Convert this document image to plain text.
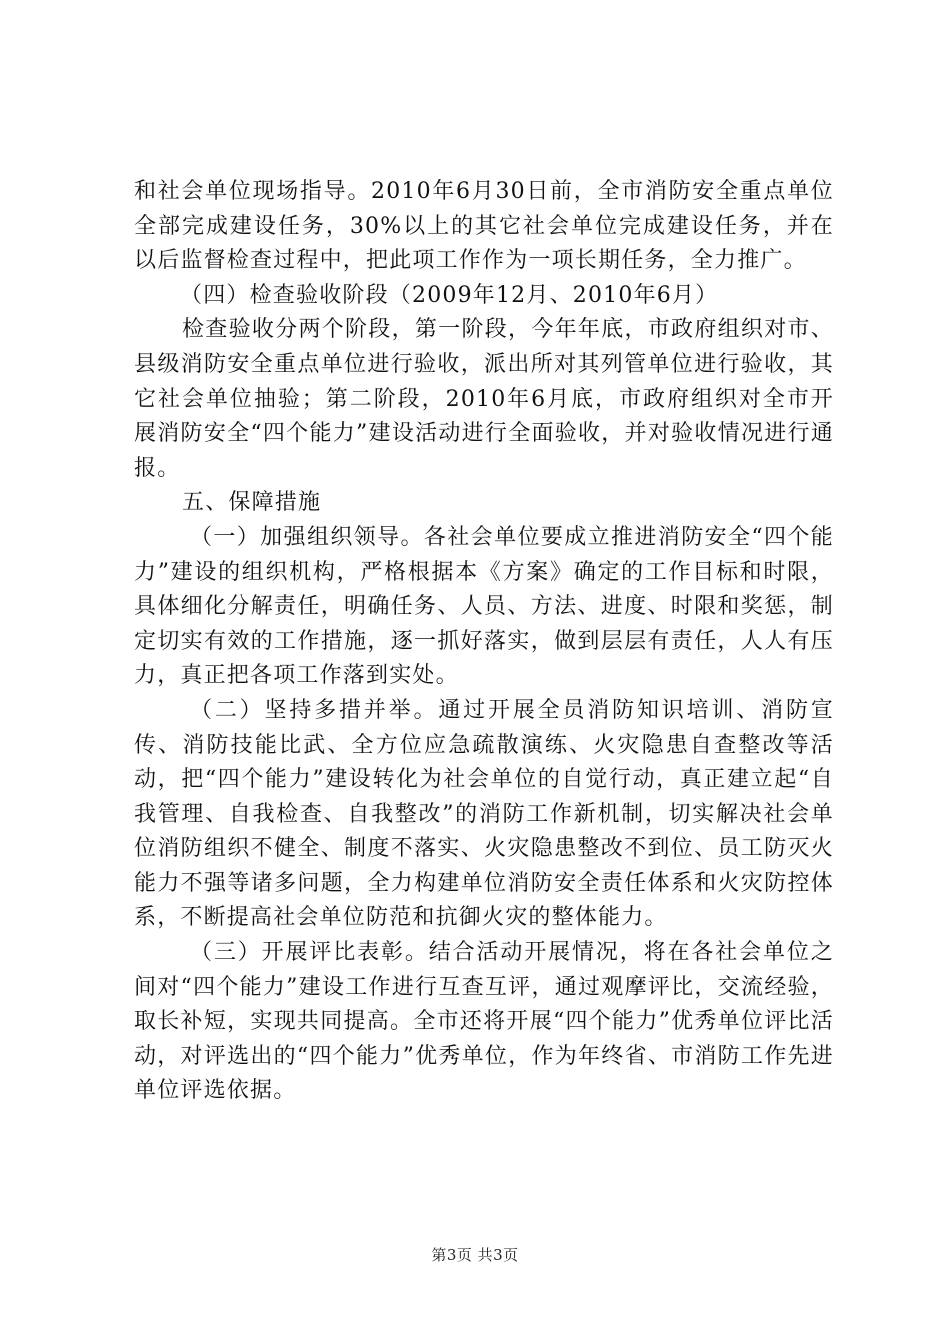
和社会单位现场指导。2010年6月30日前，全市消防安全重点单位全部完成建设任务，30%以上的其它社会单位完成建设任务，并在以后监督检查过程中，把此项工作作为一项长期任务，全力推广。

（四）检查验收阶段（2009年12月、2010年6月）

检查验收分两个阶段，第一阶段，今年年底，市政府组织对市、县级消防安全重点单位进行验收，派出所对其列管单位进行验收，其它社会单位抽验；第二阶段，2010年6月底，市政府组织对全市开展消防安全“四个能力”建设活动进行全面验收，并对验收情况进行通报。

五、保障措施

（一）加强组织领导。各社会单位要成立推进消防安全“四个能力”建设的组织机构，严格根据本《方案》确定的工作目标和时限，具体细化分解责任，明确任务、人员、方法、进度、时限和奖惩，制定切实有效的工作措施，逐一抓好落实，做到层层有责任，人人有压力，真正把各项工作落到实处。

（二）坚持多措并举。通过开展全员消防知识培训、消防宣传、消防技能比武、全方位应急疏散演练、火灾隐患自查整改等活动，把“四个能力”建设转化为社会单位的自觉行动，真正建立起“自我管理、自我检查、自我整改”的消防工作新机制，切实解决社会单位消防组织不健全、制度不落实、火灾隐患整改不到位、员工防灭火能力不强等诸多问题，全力构建单位消防安全责任体系和火灾防控体系，不断提高社会单位防范和抗御火灾的整体能力。

（三）开展评比表彰。结合活动开展情况，将在各社会单位之间对“四个能力”建设工作进行互查互评，通过观摩评比，交流经验，取长补短，实现共同提高。全市还将开展“四个能力”优秀单位评比活动，对评选出的“四个能力”优秀单位，作为年终省、市消防工作先进单位评选依据。

第3页 共3页
